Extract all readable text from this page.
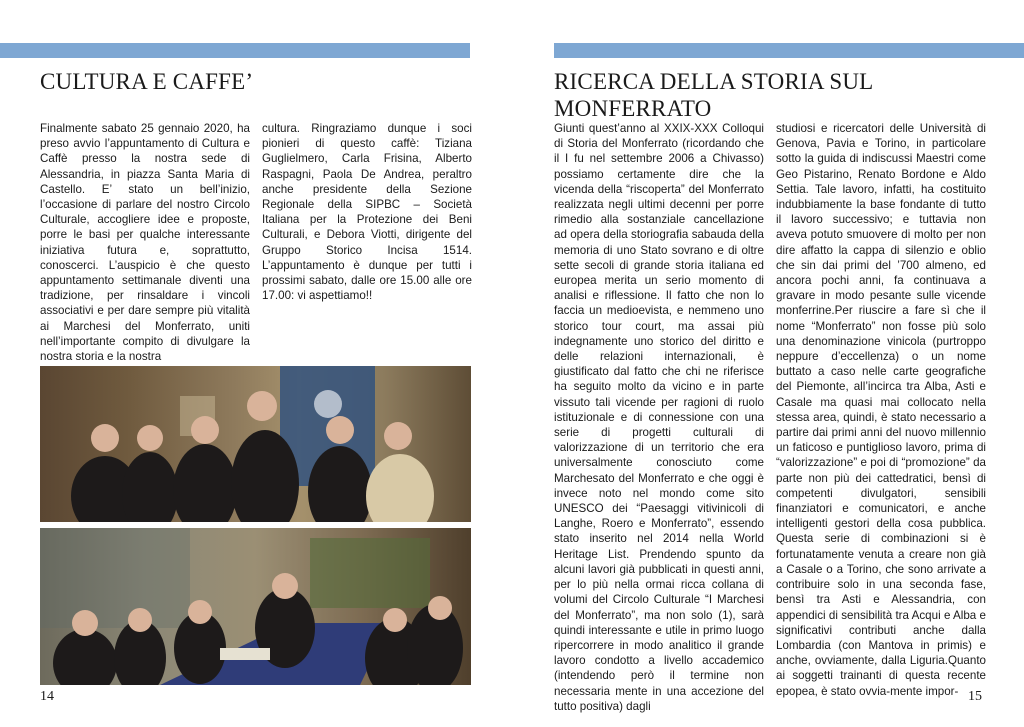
CULTURA E CAFFE’	RICERCA DELLA STORIA SUL MONFERRATO

Finalmente sabato 25 gennaio 2020, ha preso avvio l’appuntamento di Cultura e Caffè presso la nostra sede di Alessandria, in piazza Santa Maria di Castello. E’ stato un bell’inizio, l’occasione di parlare del nostro Circolo Culturale, accogliere idee e proposte, porre le basi per qualche interessante iniziativa futura e, soprattutto, conoscerci. L’auspicio è che questo appuntamento settimanale diventi una tradizione, per rinsaldare i vincoli associativi e per dare sempre più vitalità ai Marchesi del Monferrato, uniti nell’importante compito di divulgare la nostra storia e la nostra

cultura. Ringraziamo dunque i soci pionieri di questo caffè: Tiziana Guglielmero, Carla Frisina, Alberto Raspagni, Paola De Andrea, peraltro anche presidente della Sezione Regionale della SIPBC – Società Italiana per la Protezione dei Beni Culturali, e Debora Viotti, dirigente del Gruppo Storico Incisa 1514. L’appuntamento è dunque per tutti i prossimi sabato, dalle ore 15.00 alle ore 17.00: vi aspettiamo!!

Giunti quest’anno al XXIX-XXX Colloqui di Storia del Monferrato (ricordando che il I fu nel settembre 2006 a Chivasso) possiamo certamente dire che la vicenda della “riscoperta” del Monferrato realizzata negli ultimi decenni per porre rimedio alla sostanziale cancellazione ad opera della storiografia sabauda della memoria di uno Stato sovrano e di oltre sette secoli di grande storia italiana ed europea merita un serio momento di analisi e riflessione. Il fatto che non lo faccia un medioevista, e nemmeno uno storico tour court, ma assai più indegnamente uno storico del diritto e delle relazioni internazionali, è giustificato dal fatto che chi ne riferisce ha seguito molto da vicino e in parte vissuto tali vicende per ragioni di ruolo istituzionale e di connessione con una serie di progetti culturali di valorizzazione di un territorio che era universalmente conosciuto come Marchesato del Monferrato e che oggi è invece noto nel mondo come sito UNESCO dei “Paesaggi vitivinicoli di Langhe, Roero e Monferrato”, essendo stato inserito nel 2014 nella World Heritage List. Prendendo spunto da alcuni lavori già pubblicati in questi anni, per lo più nella ormai ricca collana di volumi del Circolo Culturale “I Marchesi del Monferrato”, ma non solo (1), sarà quindi interessante e utile in primo luogo ripercorrere in modo analitico il grande lavoro condotto a livello accademico (intendendo però il termine non necessaria mente in una accezione del tutto positiva) dagli

studiosi e ricercatori delle Università di Genova, Pavia e Torino, in particolare sotto la guida di indiscussi Maestri come Geo Pistarino, Renato Bordone e Aldo Settia. Tale lavoro, infatti, ha costituito indubbiamente la base fondante di tutto il lavoro successivo; e tuttavia non aveva potuto smuovere di molto per non dire affatto la cappa di silenzio e oblio che sin dai primi del ’700 almeno, ed ancora pochi anni, fa continuava a gravare in modo pesante sulle vicende monferrine.Per riuscire a fare sì che il nome “Monferrato” non fosse più solo una denominazione vinicola (purtroppo neppure d’eccellenza) o un nome buttato a caso nelle carte geografiche del Piemonte, all’incirca tra Alba, Asti e Casale ma quasi mai collocato nella stessa area, quindi, è stato necessario a partire dai primi anni del nuovo millennio un faticoso e puntiglioso lavoro, prima di “valorizzazione” e poi di “promozione” da parte non più dei cattedratici, bensì di competenti divulgatori, sensibili finanziatori e comunicatori, e anche intelligenti gestori della cosa pubblica. Questa serie di combinazioni si è fortunatamente venuta a creare non già a Casale o a Torino, che sono arrivate a contribuire solo in una seconda fase, bensì tra Asti e Alessandria, con appendici di sensibilità tra Acqui e Alba e significativi contributi anche dalla Lombardia (con Mantova in primis) e anche, ovviamente, dalla Liguria.Quanto ai soggetti trainanti di questa recente epopea, è stato ovvia-mente impor-

14	15
